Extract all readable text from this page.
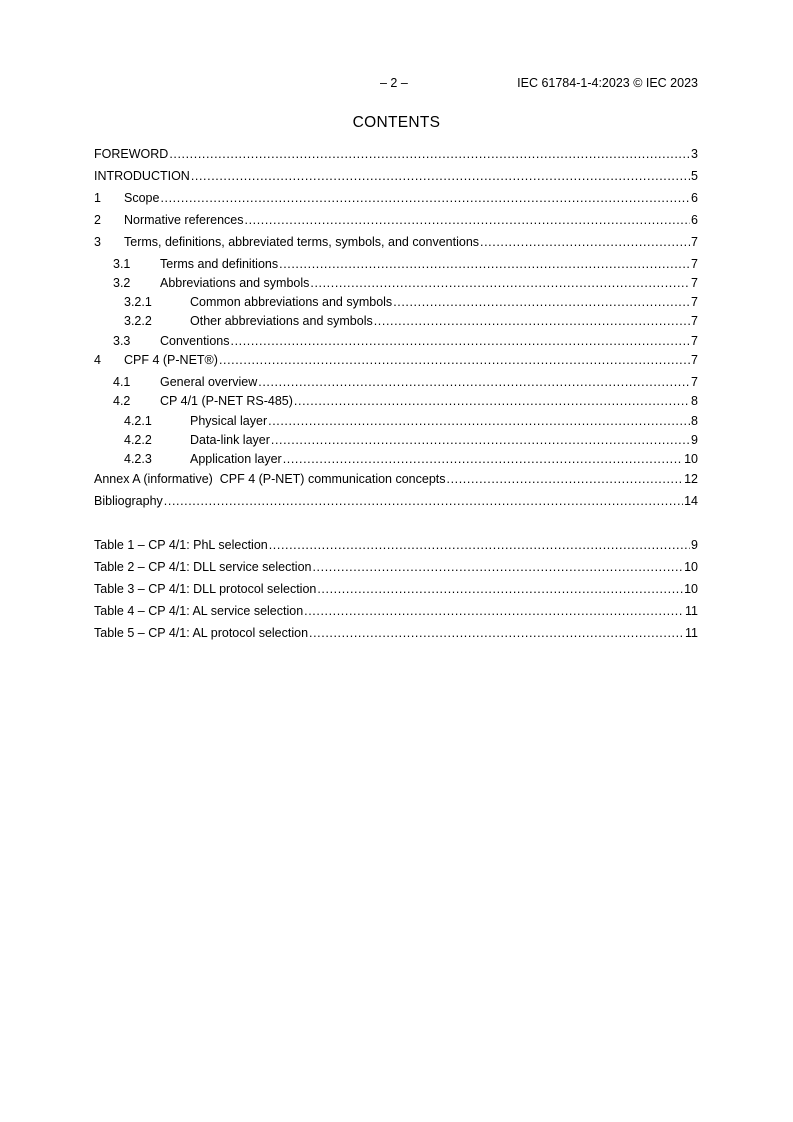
– 2 –	IEC 61784-1-4:2023 © IEC 2023
CONTENTS
FOREWORD .....	3
INTRODUCTION .....	5
1	Scope .....	6
2	Normative references .....	6
3	Terms, definitions, abbreviated terms, symbols, and conventions .....	7
3.1	Terms and definitions .....	7
3.2	Abbreviations and symbols .....	7
3.2.1	Common abbreviations and symbols .....	7
3.2.2	Other abbreviations and symbols .....	7
3.3	Conventions .....	7
4	CPF 4 (P-NET®) .....	7
4.1	General overview .....	7
4.2	CP 4/1 (P-NET RS-485) .....	8
4.2.1	Physical layer .....	8
4.2.2	Data-link layer .....	9
4.2.3	Application layer .....	10
Annex A (informative)  CPF 4 (P-NET) communication concepts .....	12
Bibliography .....	14
Table 1 – CP 4/1: PhL selection .....	9
Table 2 – CP 4/1: DLL service selection .....	10
Table 3 – CP 4/1: DLL protocol selection .....	10
Table 4 – CP 4/1: AL service selection .....	11
Table 5 – CP 4/1: AL protocol selection .....	11
